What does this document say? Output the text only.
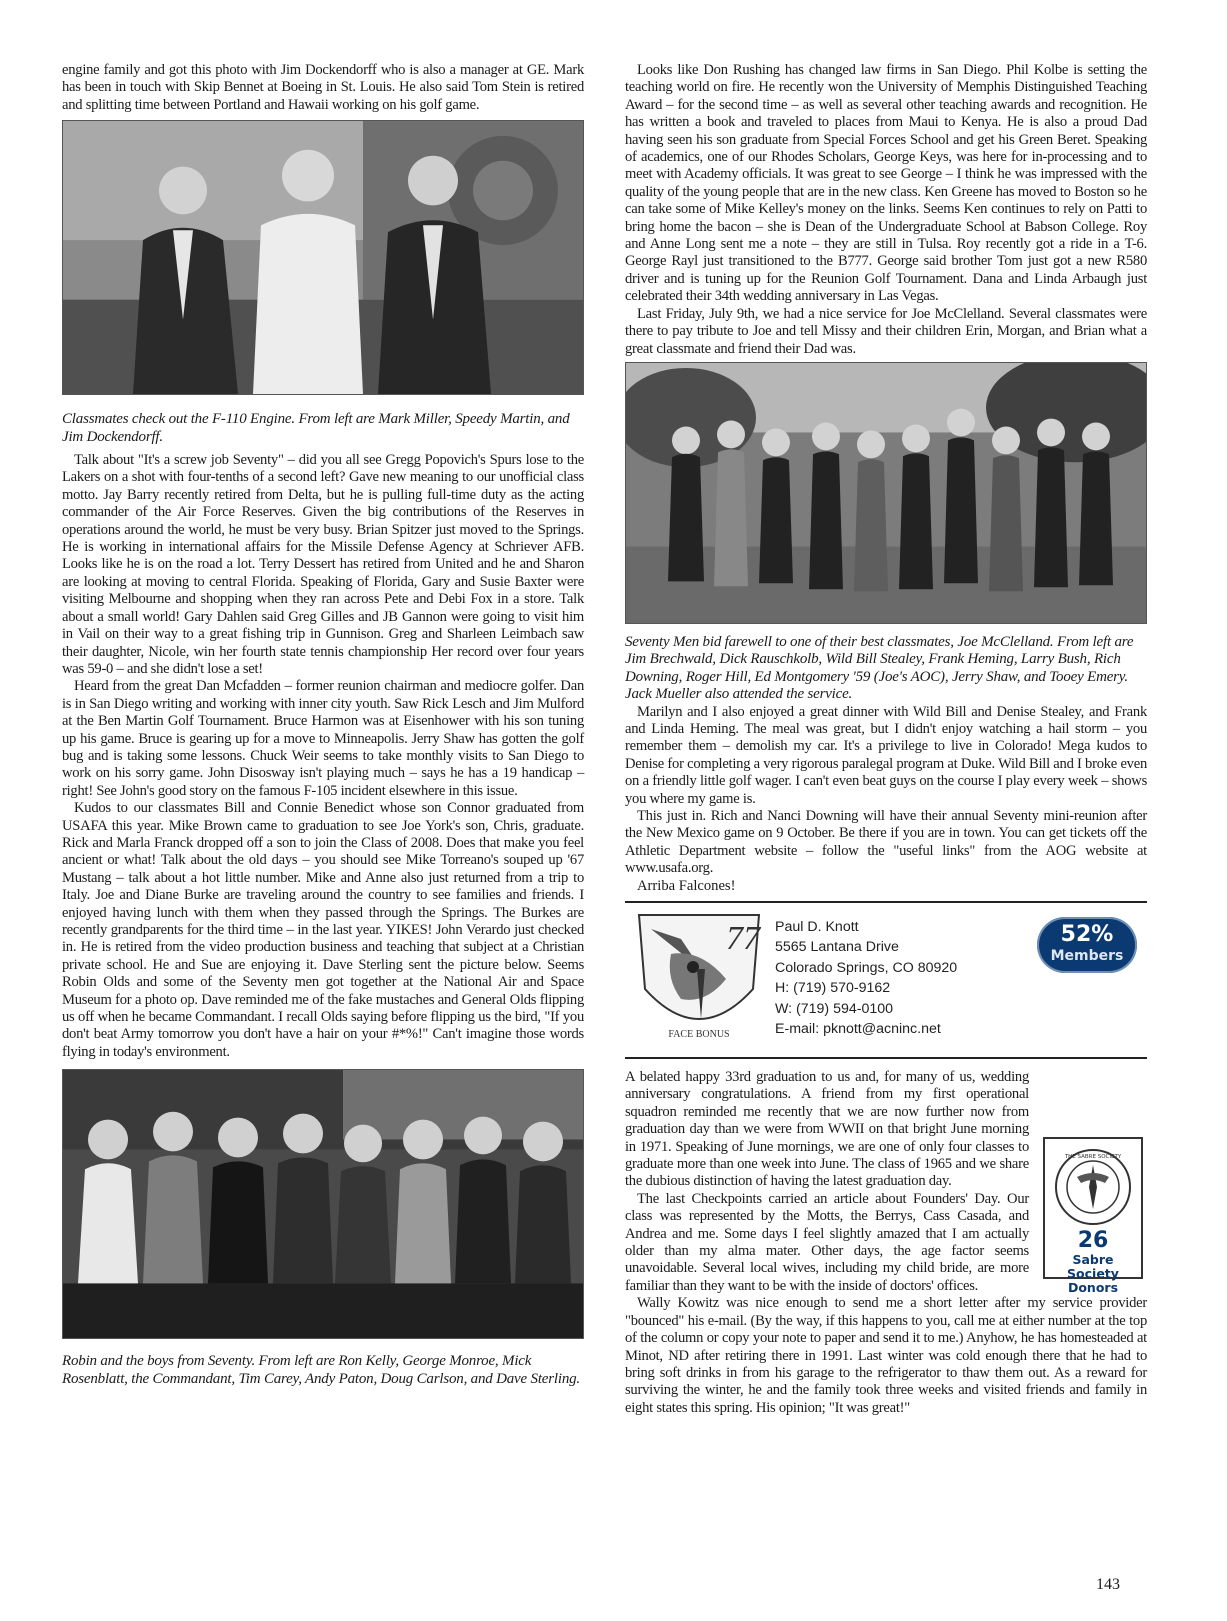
engine family and got this photo with Jim Dockendorff who is also a manager at GE. Mark has been in touch with Skip Bennet at Boeing in St. Louis. He also said Tom Stein is retired and splitting time between Portland and Hawaii working on his golf game.

Classmates check out the F-110 Engine. From left are Mark Miller, Speedy Martin, and Jim Dockendorff.

Talk about "It's a screw job Seventy" – did you all see Gregg Popovich's Spurs lose to the Lakers on a shot with four-tenths of a second left? Gave new meaning to our unofficial class motto. Jay Barry recently retired from Delta, but he is pulling full-time duty as the acting commander of the Air Force Reserves. Given the big contributions of the Reserves in operations around the world, he must be very busy. Brian Spitzer just moved to the Springs. He is working in international affairs for the Missile Defense Agency at Schriever AFB. Looks like he is on the road a lot. Terry Dessert has retired from United and he and Sharon are looking at moving to central Florida. Speaking of Florida, Gary and Susie Baxter were visiting Melbourne and shopping when they ran across Pete and Debi Fox in a store. Talk about a small world! Gary Dahlen said Greg Gilles and JB Gannon were going to visit him in Vail on their way to a great fishing trip in Gunnison. Greg and Sharleen Leimbach saw their daughter, Nicole, win her fourth state tennis championship Her record over four years was 59-0 – and she didn't lose a set!

Heard from the great Dan Mcfadden – former reunion chairman and mediocre golfer. Dan is in San Diego writing and working with inner city youth. Saw Rick Lesch and Jim Mulford at the Ben Martin Golf Tournament. Bruce Harmon was at Eisenhower with his son tuning up his game. Bruce is gearing up for a move to Minneapolis. Jerry Shaw has gotten the golf bug and is taking some lessons. Chuck Weir seems to take monthly visits to San Diego to work on his sorry game. John Disosway isn't playing much – says he has a 19 handicap – right! See John's good story on the famous F-105 incident elsewhere in this issue.

Kudos to our classmates Bill and Connie Benedict whose son Connor graduated from USAFA this year. Mike Brown came to graduation to see Joe York's son, Chris, graduate. Rick and Marla Franck dropped off a son to join the Class of 2008. Does that make you feel ancient or what! Talk about the old days – you should see Mike Torreano's souped up '67 Mustang – talk about a hot little number. Mike and Anne also just returned from a trip to Italy. Joe and Diane Burke are traveling around the country to see families and friends. I enjoyed having lunch with them when they passed through the Springs. The Burkes are recently grandparents for the third time – in the last year. YIKES! John Verardo just checked in. He is retired from the video production business and teaching that subject at a Christian private school. He and Sue are enjoying it. Dave Sterling sent the picture below. Seems Robin Olds and some of the Seventy men got together at the National Air and Space Museum for a photo op. Dave reminded me of the fake mustaches and General Olds flipping us off when he became Commandant. I recall Olds saying before flipping us the bird, "If you don't beat Army tomorrow you don't have a hair on your #*%!" Can't imagine those words flying in today's environment.

Robin and the boys from Seventy. From left are Ron Kelly, George Monroe, Mick Rosenblatt, the Commandant, Tim Carey, Andy Paton, Doug Carlson, and Dave Sterling.

Looks like Don Rushing has changed law firms in San Diego. Phil Kolbe is setting the teaching world on fire. He recently won the University of Memphis Distinguished Teaching Award – for the second time – as well as several other teaching awards and recognition. He has written a book and traveled to places from Maui to Kenya. He is also a proud Dad having seen his son graduate from Special Forces School and get his Green Beret. Speaking of academics, one of our Rhodes Scholars, George Keys, was here for in-processing and to meet with Academy officials. It was great to see George – I think he was impressed with the quality of the young people that are in the new class. Ken Greene has moved to Boston so he can take some of Mike Kelley's money on the links. Seems Ken continues to rely on Patti to bring home the bacon – she is Dean of the Undergraduate School at Babson College. Roy and Anne Long sent me a note – they are still in Tulsa. Roy recently got a ride in a T-6. George Rayl just transitioned to the B777. George said brother Tom just got a new R580 driver and is tuning up for the Reunion Golf Tournament. Dana and Linda Arbaugh just celebrated their 34th wedding anniversary in Las Vegas.

Last Friday, July 9th, we had a nice service for Joe McClelland. Several classmates were there to pay tribute to Joe and tell Missy and their children Erin, Morgan, and Brian what a great classmate and friend their Dad was.

Seventy Men bid farewell to one of their best classmates, Joe McClelland. From left are Jim Brechwald, Dick Rauschkolb, Wild Bill Stealey, Frank Heming, Larry Bush, Rich Downing, Roger Hill, Ed Montgomery '59 (Joe's AOC), Jerry Shaw, and Tooey Emery. Jack Mueller also attended the service.

Marilyn and I also enjoyed a great dinner with Wild Bill and Denise Stealey, and Frank and Linda Heming. The meal was great, but I didn't enjoy watching a hail storm – you remember them – demolish my car. It's a privilege to live in Colorado! Mega kudos to Denise for completing a very rigorous paralegal program at Duke. Wild Bill and I broke even on a friendly little golf wager. I can't even beat guys on the course I play every week – shows you where my game is.

This just in. Rich and Nanci Downing will have their annual Seventy mini-reunion after the New Mexico game on 9 October. Be there if you are in town. You can get tickets off the Athletic Department website – follow the "useful links" from the AOG website at www.usafa.org.

Arriba Falcones!
77
FACE BONUS
Paul D. Knott
5565 Lantana Drive
Colorado Springs, CO 80920
H: (719) 570-9162
W: (719) 594-0100
E-mail: pknott@acninc.net
52%
Members

A belated happy 33rd graduation to us and, for many of us, wedding anniversary congratulations. A friend from my first operational squadron reminded me recently that we are now further now from graduation day than we were from WWII on that bright June morning in 1971. Speaking of June mornings, we are one of only four classes to graduate more than one week into June. The class of 1965 and we share the dubious distinction of having the latest graduation day.

The last Checkpoints carried an article about Founders' Day. Our class was represented by the Motts, the Berrys, Cass Casada, and Andrea and me. Some days I feel slightly amazed that I am actually older than my alma mater. Other days, the age factor seems unavoidable. Several local wives, including my child bride, are more familiar than they want to be with the inside of doctors' offices.

Wally Kowitz was nice enough to send me a short letter after my service provider "bounced" his e-mail. (By the way, if this happens to you, call me at either number at the top of the column or copy your note to paper and send it to me.) Anyhow, he has homesteaded at Minot, ND after retiring there in 1991. Last winter was cold enough there that he had to bring soft drinks in from his garage to the refrigerator to thaw them out. As a reward for surviving the winter, he and the family took three weeks and visited friends and family in eight states this spring. His opinion; "It was great!"

THE SABRE SOCIETY
26
Sabre Society
Donors
143
